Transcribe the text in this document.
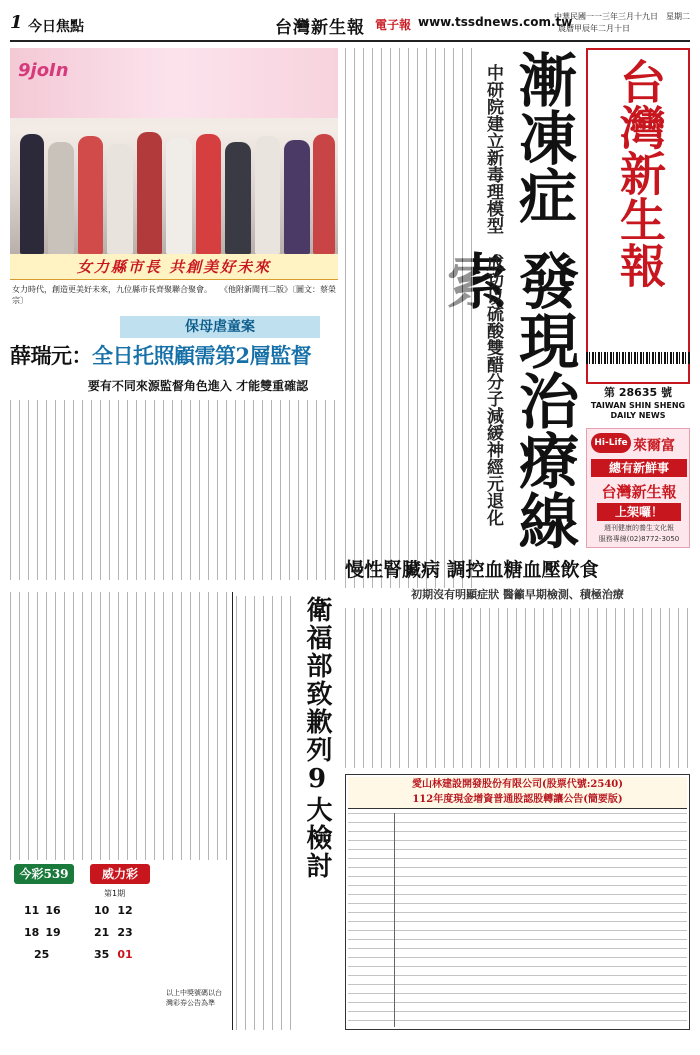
1 今日焦點	台灣新生報 電子報 www.tssdnews.com.tw
中華民國一一三年三月十九日　星期二
農曆甲辰年二月十日
9joIn
女力縣市長 共創美好未來
女力時代，創造更美好未來，九位縣市長齊聚聯合聚會。　　《他附新聞刊二版》〔圖文：蔡榮宗〕
保母虐童案
薛瑞元：全日托照顧需第2層監督
要有不同來源監督角色進入 才能雙重確認
衛福部致歉列9大檢討
今彩539	威力彩
第1期
11 16
18 19
25
10 12
21 23
35 01
以上中獎號碼以台灣彩券公告為準
漸凍症
發現治療線
中研院建立新毒理模型 成功以硫酸雙醋分子減緩神經元退化 台灣新生報
第 28635 號
TAIWAN SHIN SHENG DAILY NEWS
Hi-Life 萊爾富
總有新鮮事
台灣新生報
上架囉！
週刊健康的養生文化報
服務專線(02)8772-3050
慢性腎臟病 調控血糖血壓飲食
初期沒有明顯症狀 醫籲早期檢測、積極治療
愛山林建設開發股份有限公司(股票代號:2540)
112年度現金增資普通股認股轉讓公告(簡要版)
